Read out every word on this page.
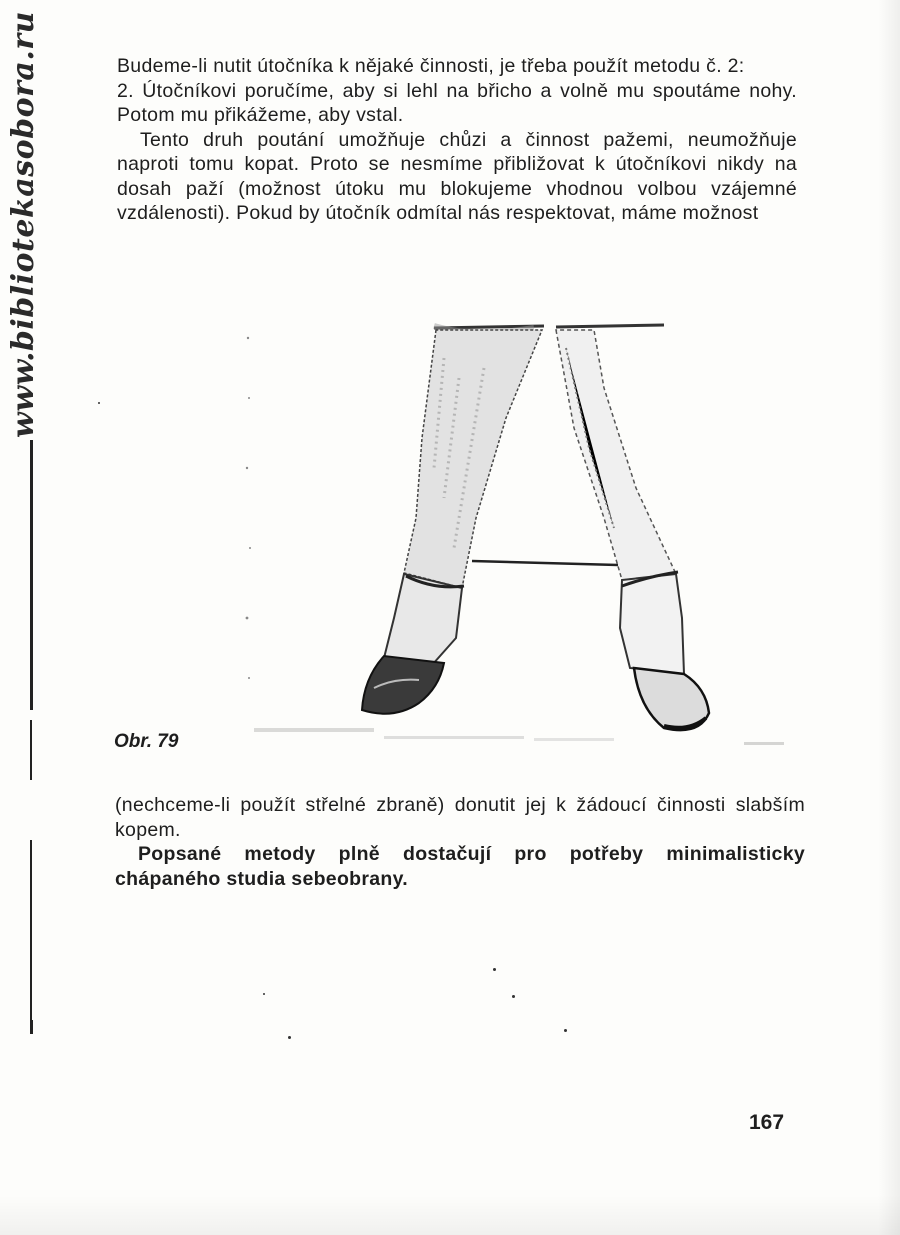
www.bibliotekasobora.ru	Budeme-li nutit útočníka k nějaké činnosti, je třeba použít metodu č. 2:

2. Útočníkovi poručíme, aby si lehl na břicho a volně mu spoutáme nohy. Potom mu přikážeme, aby vstal.

Tento druh poutání umožňuje chůzi a činnost pažemi, neumožňuje naproti tomu kopat. Proto se nesmíme přibližovat k útočníkovi nikdy na dosah paží (možnost útoku mu blokujeme vhodnou volbou vzájemné vzdálenosti). Pokud by útočník odmítal nás respektovat, máme možnost

Obr. 79

(nechceme-li použít střelné zbraně) donutit jej k žádoucí činnosti slabším kopem.

Popsané metody plně dostačují pro potřeby minimalisticky chápaného studia sebeobrany.

167
